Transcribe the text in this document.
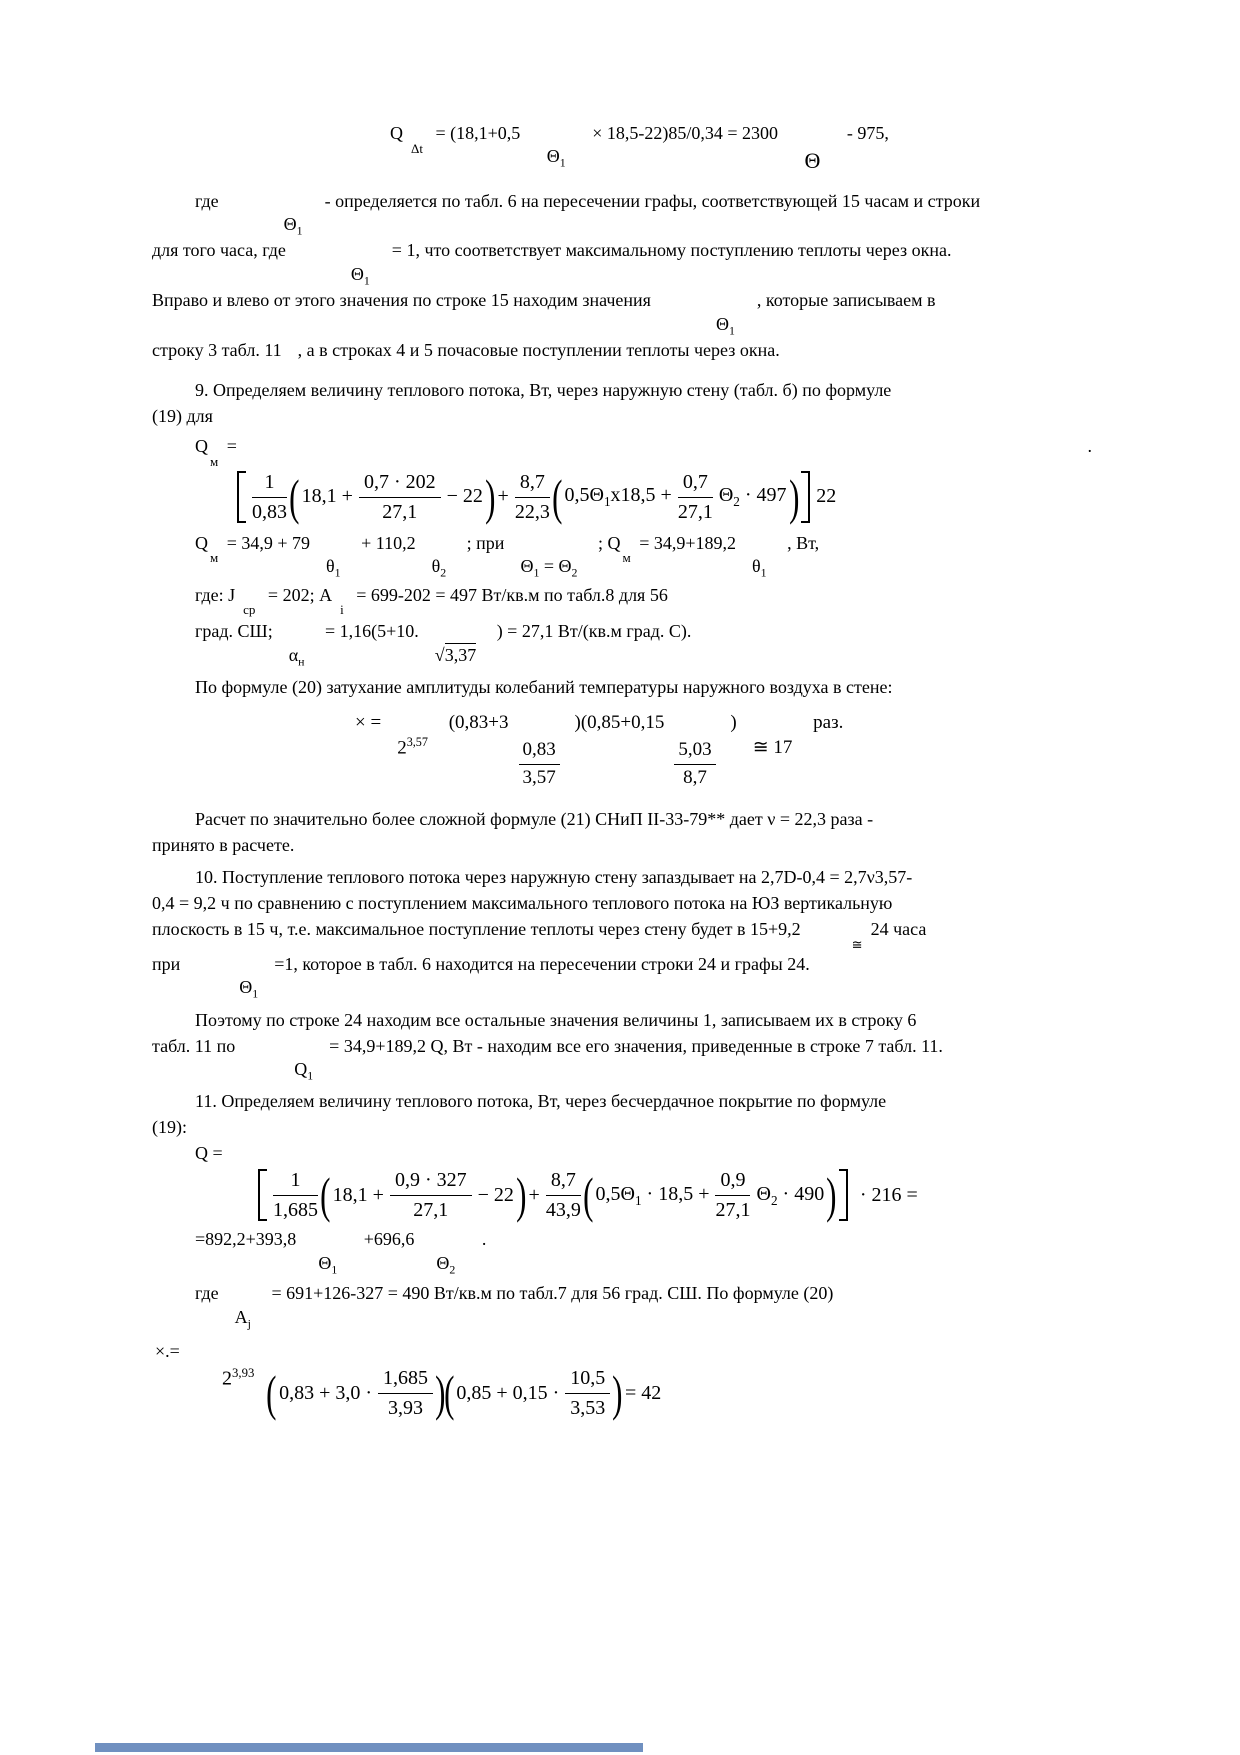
QΔt = (18,1+0,5 $\Theta_1 \times 18,5-22)85/0,34 = 2300$ Θ - 975,

гдеΘ$_1$- определяется по табл. 6 на пересечении графы, соответствующей 15 часам и строки
для того часа, гдеΘ$_1$= 1, что соответствует максимальному поступлению теплоты через окна.
Вправо и влево от этого значения по строке 15 находим значенияΘ$_1$, которые записываем в
строку 3 табл. 11 , а в строках 4 и 5 почасовые поступлении теплоты через окна.

9. Определяем величину теплового потока, Вт, через наружную стену (табл. б) по формуле
(19) для

Qм =	.
$\frac{1}{0,83}$ ( $18,1 + \frac{0,7 \cdot 202}{27,1} - 22$ ) + $\frac{8,7}{22,3}$ ( $0,5\Theta_1x18,5 + \frac{0,7}{27,1} \Theta_2 \cdot 497$ ) 22
Qм = $34,9 + 79\theta_1 + 110,2\theta_2$ ; $при\Theta_1 = \Theta_2$ ; Qм = $34,9+189,2\theta_1$ , Вт,
где: Jср = 202; Аi = 699-202 = 497 Вт/кв.м по табл.8 для 56
град. $СШ;\alpha_н = 1,16(5+10.√3,37$ ) = 27,1 Вт/(кв.м град. С).

По формуле (20) затухание амплитуды колебаний температуры наружного воздуха в стене:

× $=2^{3,57}$ (0,83+3
$\frac{0,83}{3,57}$
)(0,85+0,15
$\frac{5,03}{8,7}$
)≅ 17 раз.

Расчет по значительно более сложной формуле (21) СНиП II-33-79** дает ν = 22,3 раза -
принято в расчете.

10. Поступление теплового потока через наружную стену запаздывает на 2,7D-0,4 = 2,7ν3,57-
0,4 = 9,2 ч по сравнению с поступлением максимального теплового потока на ЮЗ вертикальную
плоскость в 15 ч, т.е. максимальное поступление теплоты через стену будет в 15+9,2≅24 часа
приΘ$_1$=1, которое в табл. 6 находится на пересечении строки 24 и графы 24.

Поэтому по строке 24 находим все остальные значения величины 1, записываем их в строку 6
табл. 11 поQ$_1$= 34,9+189,2 Q, Вт - находим все его значения, приведенные в строке 7 табл. 11.

11. Определяем величину теплового потока, Вт, через бесчердачное покрытие по формуле
(19):

Q =
$\frac{1}{1,685}$ ( $18,1 + \frac{0,9 \cdot 327}{27,1} - 22$ ) + $\frac{8,7}{43,9}$ ( $0,5\Theta_1 \cdot 18,5 + \frac{0,9}{27,1} \Theta_2 \cdot 490$ ) · 216 =
$=892,2+393,8\Theta_1 +696,6\Theta_2$ .
гдеА$_j$ = 691+126-327 = 490 Вт/кв.м по табл.7 для 56 град. СШ. По формуле (20)
×.=
$2^{3,93}$ ( $0,83 + 3,0 \cdot \frac{1,685}{3,93}$ )
( $0,85 + 0,15 \cdot \frac{10,5}{3,53}$ ) = 42
